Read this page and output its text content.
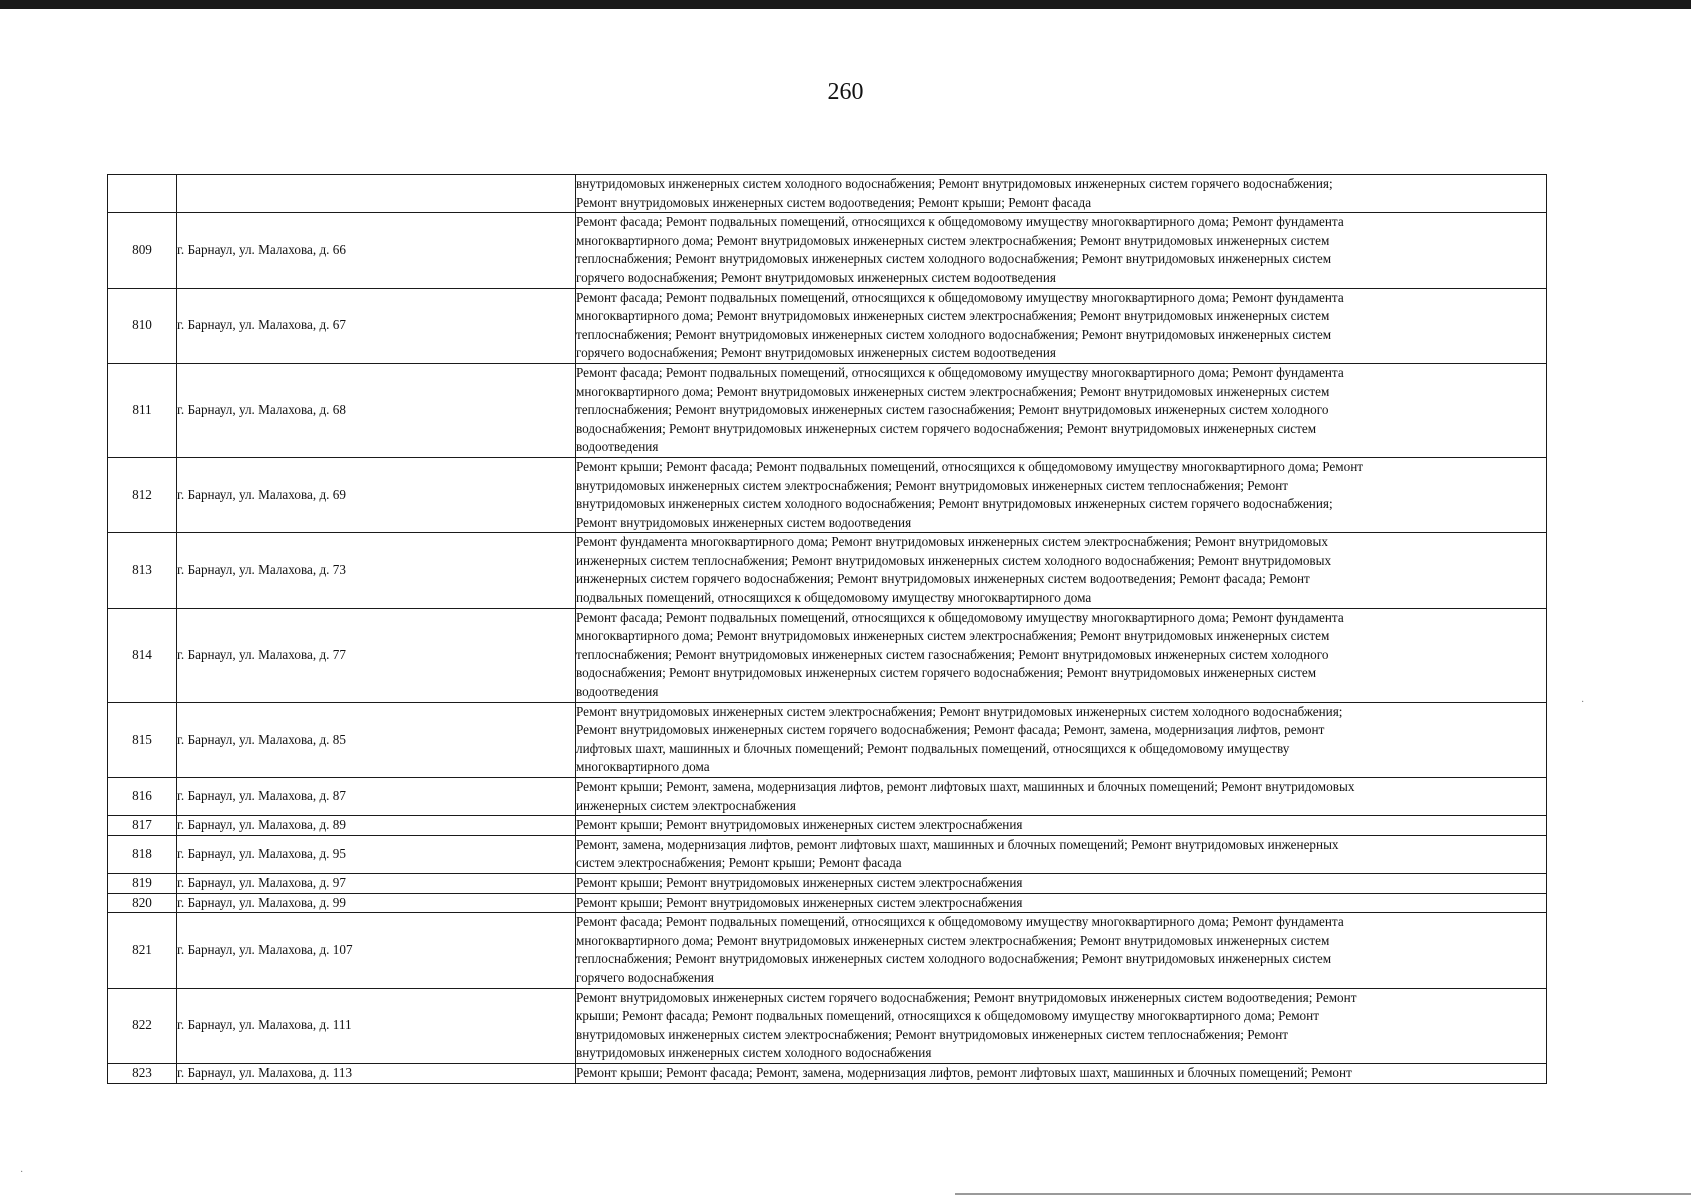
260
		внутридомовых инженерных систем холодного водоснабжения; Ремонт внутридомовых инженерных систем горячего водоснабжения;
Ремонт внутридомовых инженерных систем водоотведения; Ремонт крыши; Ремонт фасада
809	г. Барнаул, ул. Малахова, д. 66	Ремонт фасада; Ремонт подвальных помещений, относящихся к общедомовому имуществу многоквартирного дома; Ремонт фундамента
многоквартирного дома; Ремонт внутридомовых инженерных систем электроснабжения; Ремонт внутридомовых инженерных систем
теплоснабжения; Ремонт внутридомовых инженерных систем холодного водоснабжения; Ремонт внутридомовых инженерных систем
горячего водоснабжения; Ремонт внутридомовых инженерных систем водоотведения
810	г. Барнаул, ул. Малахова, д. 67	Ремонт фасада; Ремонт подвальных помещений, относящихся к общедомовому имуществу многоквартирного дома; Ремонт фундамента
многоквартирного дома; Ремонт внутридомовых инженерных систем электроснабжения; Ремонт внутридомовых инженерных систем
теплоснабжения; Ремонт внутридомовых инженерных систем холодного водоснабжения; Ремонт внутридомовых инженерных систем
горячего водоснабжения; Ремонт внутридомовых инженерных систем водоотведения
811	г. Барнаул, ул. Малахова, д. 68	Ремонт фасада; Ремонт подвальных помещений, относящихся к общедомовому имуществу многоквартирного дома; Ремонт фундамента
многоквартирного дома; Ремонт внутридомовых инженерных систем электроснабжения; Ремонт внутридомовых инженерных систем
теплоснабжения; Ремонт внутридомовых инженерных систем газоснабжения; Ремонт внутридомовых инженерных систем холодного
водоснабжения; Ремонт внутридомовых инженерных систем горячего водоснабжения; Ремонт внутридомовых инженерных систем
водоотведения
812	г. Барнаул, ул. Малахова, д. 69	Ремонт крыши; Ремонт фасада; Ремонт подвальных помещений, относящихся к общедомовому имуществу многоквартирного дома; Ремонт
внутридомовых инженерных систем электроснабжения; Ремонт внутридомовых инженерных систем теплоснабжения; Ремонт
внутридомовых инженерных систем холодного водоснабжения; Ремонт внутридомовых инженерных систем горячего водоснабжения;
Ремонт внутридомовых инженерных систем водоотведения
813	г. Барнаул, ул. Малахова, д. 73	Ремонт фундамента многоквартирного дома; Ремонт внутридомовых инженерных систем электроснабжения; Ремонт внутридомовых
инженерных систем теплоснабжения; Ремонт внутридомовых инженерных систем холодного водоснабжения; Ремонт внутридомовых
инженерных систем горячего водоснабжения; Ремонт внутридомовых инженерных систем водоотведения; Ремонт фасада; Ремонт
подвальных помещений, относящихся к общедомовому имуществу многоквартирного дома
814	г. Барнаул, ул. Малахова, д. 77	Ремонт фасада; Ремонт подвальных помещений, относящихся к общедомовому имуществу многоквартирного дома; Ремонт фундамента
многоквартирного дома; Ремонт внутридомовых инженерных систем электроснабжения; Ремонт внутридомовых инженерных систем
теплоснабжения; Ремонт внутридомовых инженерных систем газоснабжения; Ремонт внутридомовых инженерных систем холодного
водоснабжения; Ремонт внутридомовых инженерных систем горячего водоснабжения; Ремонт внутридомовых инженерных систем
водоотведения
815	г. Барнаул, ул. Малахова, д. 85	Ремонт внутридомовых инженерных систем электроснабжения; Ремонт внутридомовых инженерных систем холодного водоснабжения;
Ремонт внутридомовых инженерных систем горячего водоснабжения; Ремонт фасада; Ремонт, замена, модернизация лифтов, ремонт
лифтовых шахт, машинных и блочных помещений; Ремонт подвальных помещений, относящихся к общедомовому имуществу
многоквартирного дома
816	г. Барнаул, ул. Малахова, д. 87	Ремонт крыши; Ремонт, замена, модернизация лифтов, ремонт лифтовых шахт, машинных и блочных помещений; Ремонт внутридомовых
инженерных систем электроснабжения
817	г. Барнаул, ул. Малахова, д. 89	Ремонт крыши; Ремонт внутридомовых инженерных систем электроснабжения
818	г. Барнаул, ул. Малахова, д. 95	Ремонт, замена, модернизация лифтов, ремонт лифтовых шахт, машинных и блочных помещений; Ремонт внутридомовых инженерных
систем электроснабжения; Ремонт крыши; Ремонт фасада
819	г. Барнаул, ул. Малахова, д. 97	Ремонт крыши; Ремонт внутридомовых инженерных систем электроснабжения
820	г. Барнаул, ул. Малахова, д. 99	Ремонт крыши; Ремонт внутридомовых инженерных систем электроснабжения
821	г. Барнаул, ул. Малахова, д. 107	Ремонт фасада; Ремонт подвальных помещений, относящихся к общедомовому имуществу многоквартирного дома; Ремонт фундамента
многоквартирного дома; Ремонт внутридомовых инженерных систем электроснабжения; Ремонт внутридомовых инженерных систем
теплоснабжения; Ремонт внутридомовых инженерных систем холодного водоснабжения; Ремонт внутридомовых инженерных систем
горячего водоснабжения
822	г. Барнаул, ул. Малахова, д. 111	Ремонт внутридомовых инженерных систем горячего водоснабжения; Ремонт внутридомовых инженерных систем водоотведения; Ремонт
крыши; Ремонт фасада; Ремонт подвальных помещений, относящихся к общедомовому имуществу многоквартирного дома; Ремонт
внутридомовых инженерных систем электроснабжения; Ремонт внутридомовых инженерных систем теплоснабжения; Ремонт
внутридомовых инженерных систем холодного водоснабжения
823	г. Барнаул, ул. Малахова, д. 113	Ремонт крыши; Ремонт фасада; Ремонт, замена, модернизация лифтов, ремонт лифтовых шахт, машинных и блочных помещений; Ремонт
·
·
